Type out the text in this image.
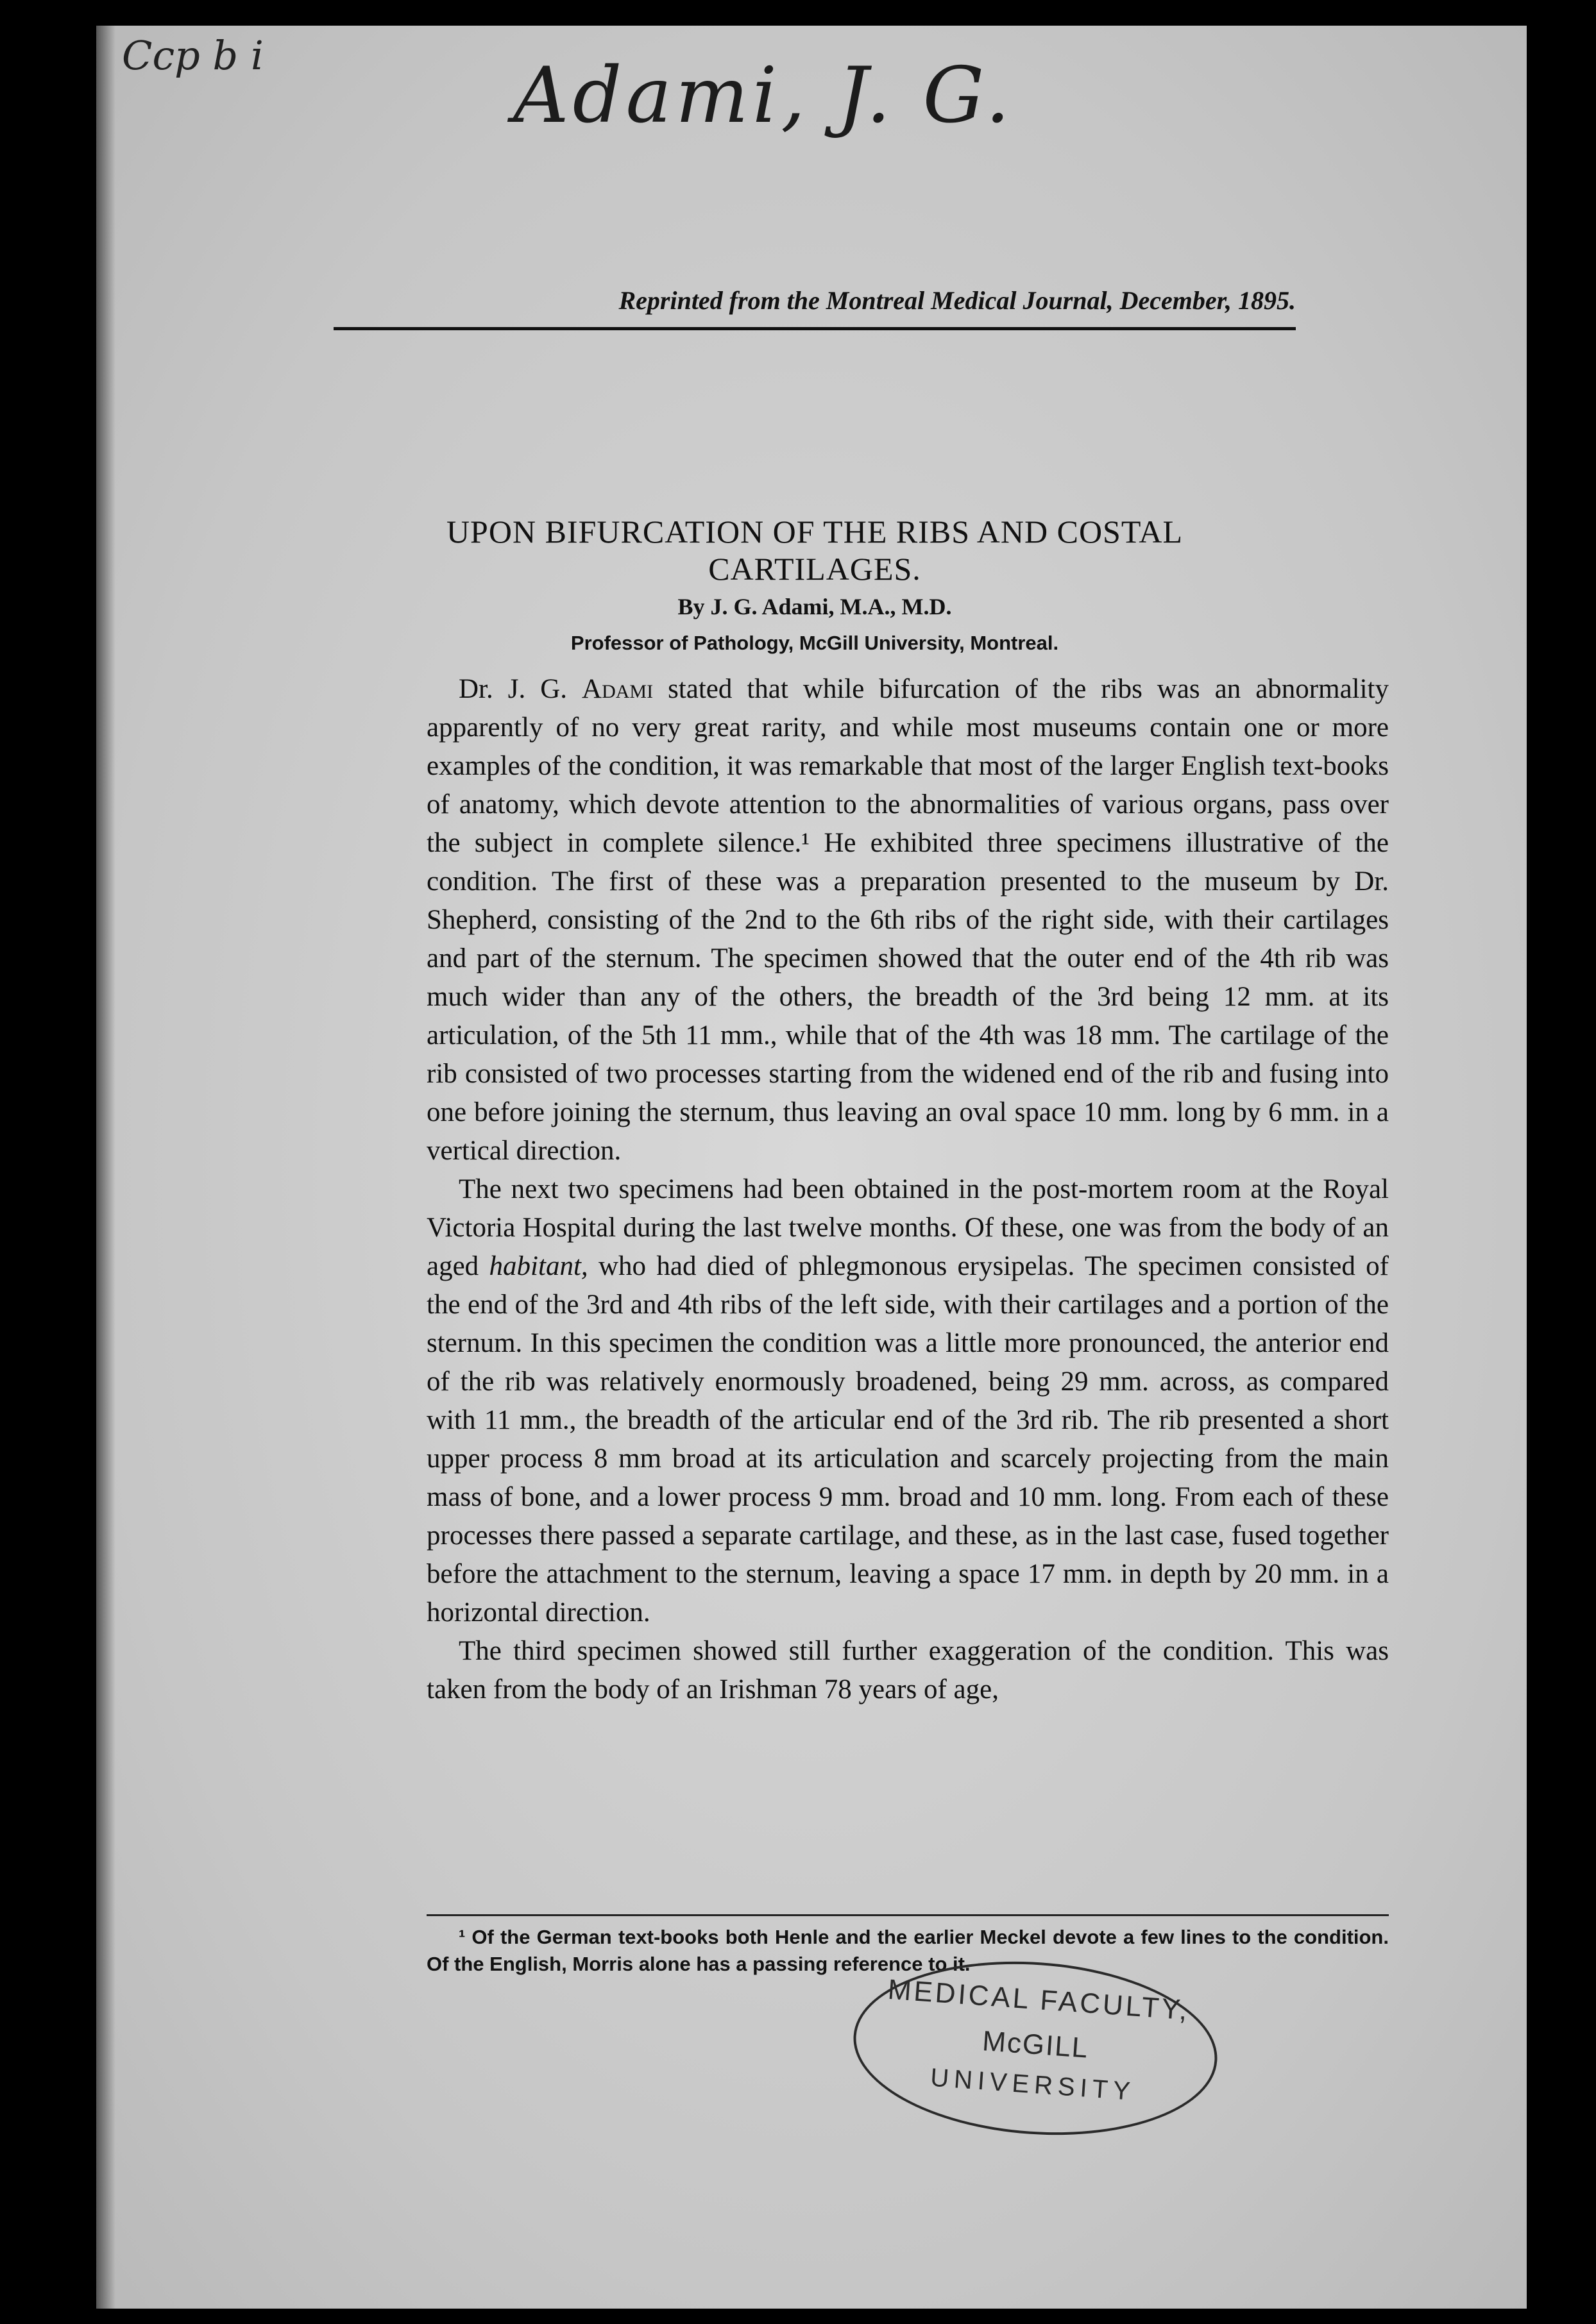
Ccp b i	Adami, J. G.
Reprinted from the Montreal Medical Journal, December, 1895.
UPON BIFURCATION OF THE RIBS AND COSTAL
CARTILAGES.
By J. G. Adami, M.A., M.D.
Professor of Pathology, McGill University, Montreal.

Dr. J. G. Adami stated that while bifurcation of the ribs was an abnormality apparently of no very great rarity, and while most museums contain one or more examples of the condition, it was remarkable that most of the larger English text-books of anatomy, which devote attention to the abnormalities of various organs, pass over the subject in complete silence.¹ He exhibited three specimens illustrative of the condition. The first of these was a preparation presented to the museum by Dr. Shepherd, consisting of the 2nd to the 6th ribs of the right side, with their cartilages and part of the sternum. The specimen showed that the outer end of the 4th rib was much wider than any of the others, the breadth of the 3rd being 12 mm. at its articulation, of the 5th 11 mm., while that of the 4th was 18 mm. The cartilage of the rib consisted of two processes starting from the widened end of the rib and fusing into one before joining the sternum, thus leaving an oval space 10 mm. long by 6 mm. in a vertical direction.

The next two specimens had been obtained in the post-mortem room at the Royal Victoria Hospital during the last twelve months. Of these, one was from the body of an aged habitant, who had died of phlegmonous erysipelas. The specimen consisted of the end of the 3rd and 4th ribs of the left side, with their cartilages and a portion of the sternum. In this specimen the condition was a little more pronounced, the anterior end of the rib was relatively enormously broadened, being 29 mm. across, as compared with 11 mm., the breadth of the articular end of the 3rd rib. The rib presented a short upper process 8 mm broad at its articulation and scarcely projecting from the main mass of bone, and a lower process 9 mm. broad and 10 mm. long. From each of these processes there passed a separate cartilage, and these, as in the last case, fused together before the attachment to the sternum, leaving a space 17 mm. in depth by 20 mm. in a horizontal direction.

The third specimen showed still further exaggeration of the condition. This was taken from the body of an Irishman 78 years of age,

¹ Of the German text-books both Henle and the earlier Meckel devote a few lines to the condition. Of the English, Morris alone has a passing reference to it.

MEDICAL FACULTY,
McGILL
UNIVERSITY
